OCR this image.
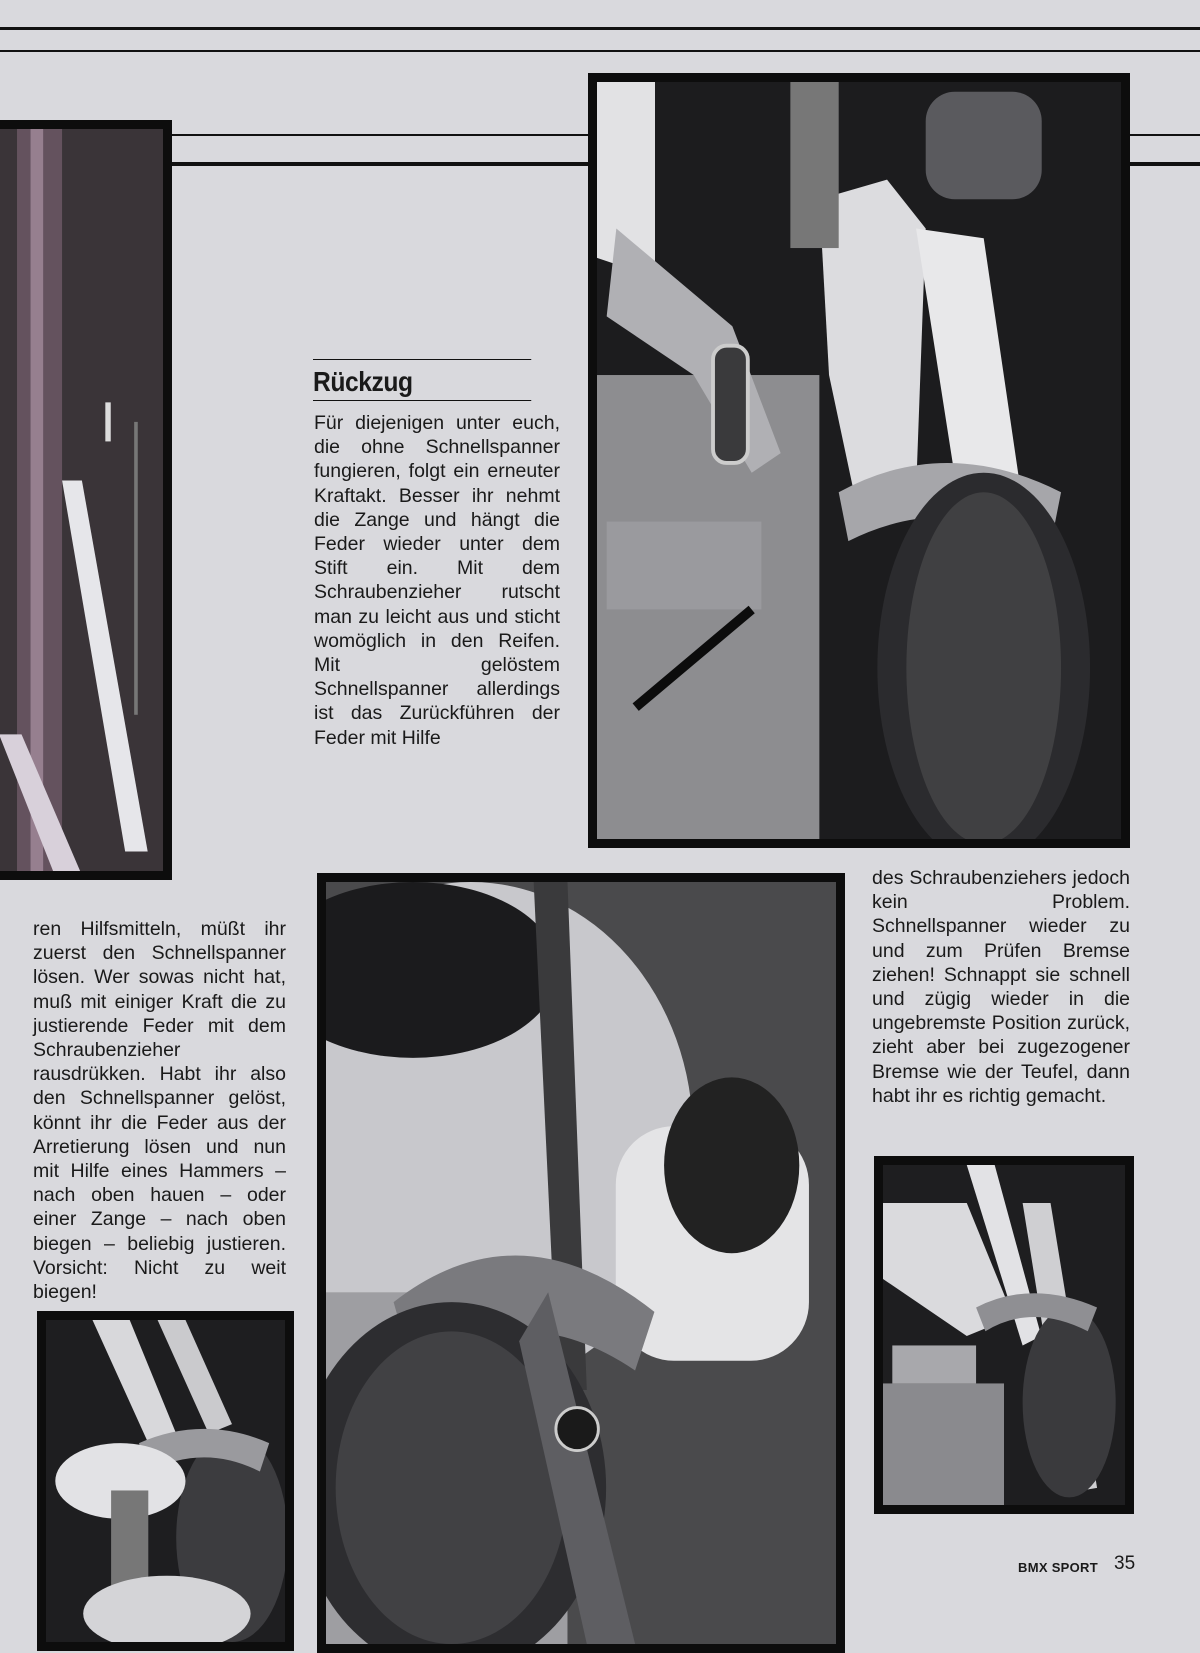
Rückzug
Für diejenigen unter euch, die ohne Schnellspanner fungieren, folgt ein erneuter Kraftakt. Besser ihr nehmt die Zange und hängt die Feder wieder unter dem Stift ein. Mit dem Schraubenzieher rutscht man zu leicht aus und sticht womöglich in den Reifen. Mit gelöstem Schnellspanner allerdings ist das Zurückführen der Feder mit Hilfe
des Schraubenziehers jedoch kein Problem. Schnellspanner wieder zu und zum Prüfen Bremse ziehen! Schnappt sie schnell und zügig wieder in die ungebremste Position zurück, zieht aber bei zugezogener Bremse wie der Teufel, dann habt ihr es richtig gemacht.
ren Hilfsmitteln, müßt ihr zuerst den Schnellspanner lösen. Wer sowas nicht hat, muß mit einiger Kraft die zu justierende Feder mit dem Schraubenzieher rausdrükken. Habt ihr also den Schnellspanner gelöst, könnt ihr die Feder aus der Arretierung lösen und nun mit Hilfe eines Hammers – nach oben hauen – oder einer Zange – nach oben biegen – beliebig justieren. Vorsicht: Nicht zu weit biegen!
BMX SPORT 35
